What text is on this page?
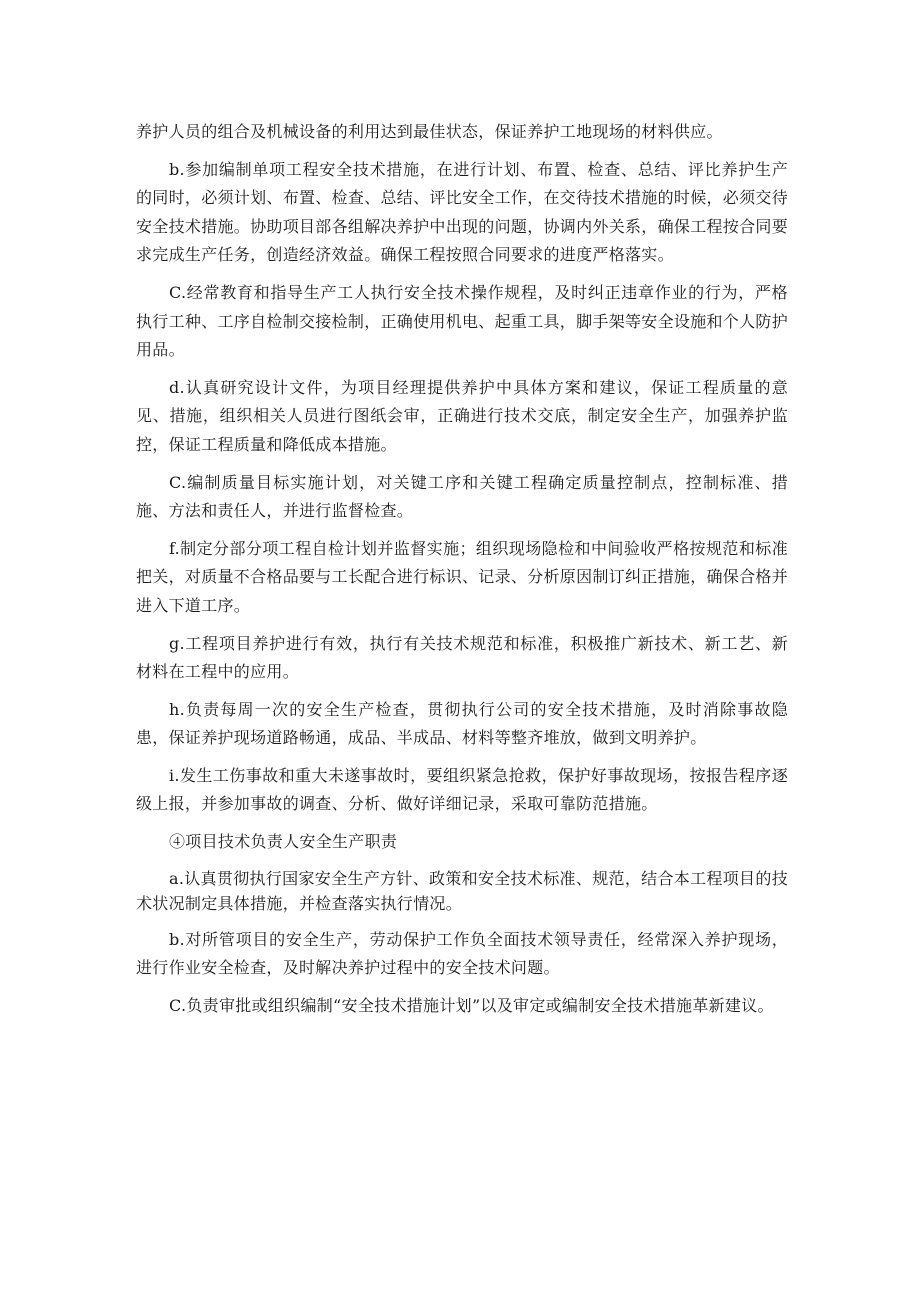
养护人员的组合及机械设备的利用达到最佳状态，保证养护工地现场的材料供应。

b.参加编制单项工程安全技术措施，在进行计划、布置、检查、总结、评比养护生产的同时，必须计划、布置、检查、总结、评比安全工作，在交待技术措施的时候，必须交待安全技术措施。协助项目部各组解决养护中出现的问题，协调内外关系，确保工程按合同要求完成生产任务，创造经济效益。确保工程按照合同要求的进度严格落实。

C.经常教育和指导生产工人执行安全技术操作规程，及时纠正违章作业的行为，严格执行工种、工序自检制交接检制，正确使用机电、起重工具，脚手架等安全设施和个人防护用品。

d.认真研究设计文件，为项目经理提供养护中具体方案和建议，保证工程质量的意见、措施，组织相关人员进行图纸会审，正确进行技术交底，制定安全生产，加强养护监控，保证工程质量和降低成本措施。

C.编制质量目标实施计划，对关键工序和关键工程确定质量控制点，控制标准、措施、方法和责任人，并进行监督检查。

f.制定分部分项工程自检计划并监督实施；组织现场隐检和中间验收严格按规范和标准把关，对质量不合格品要与工长配合进行标识、记录、分析原因制订纠正措施，确保合格并进入下道工序。

g.工程项目养护进行有效，执行有关技术规范和标准，积极推广新技术、新工艺、新材料在工程中的应用。

h.负责每周一次的安全生产检查，贯彻执行公司的安全技术措施，及时消除事故隐患，保证养护现场道路畅通，成品、半成品、材料等整齐堆放，做到文明养护。

i.发生工伤事故和重大未遂事故时，要组织紧急抢救，保护好事故现场，按报告程序逐级上报，并参加事故的调查、分析、做好详细记录，采取可靠防范措施。

④项目技术负责人安全生产职责

a.认真贯彻执行国家安全生产方针、政策和安全技术标准、规范，结合本工程项目的技术状况制定具体措施，并检查落实执行情况。

b.对所管项目的安全生产，劳动保护工作负全面技术领导责任，经常深入养护现场，进行作业安全检查，及时解决养护过程中的安全技术问题。

C.负责审批或组织编制“安全技术措施计划”以及审定或编制安全技术措施革新建议。
